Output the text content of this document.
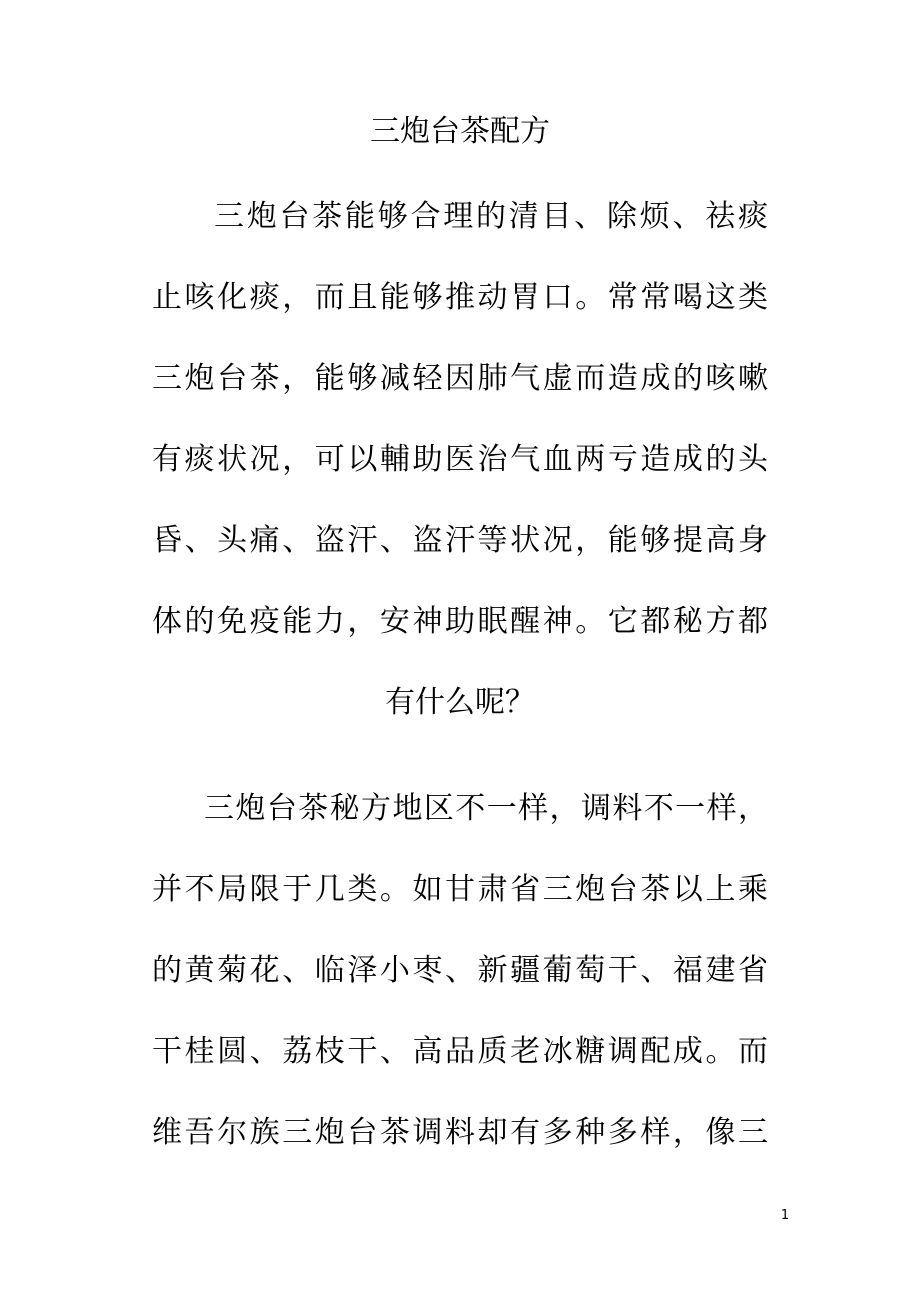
三炮台茶配方
三炮台茶能够合理的清目、除烦、祛痰
止咳化痰，而且能够推动胃口。常常喝这类
三炮台茶，能够减轻因肺气虚而造成的咳嗽
有痰状况，可以輔助医治气血两亏造成的头
昏、头痛、盗汗、盗汗等状况，能够提高身
体的免疫能力，安神助眠醒神。它都秘方都
有什么呢？
三炮台茶秘方地区不一样，调料不一样，
并不局限于几类。如甘肃省三炮台茶以上乘
的黄菊花、临泽小枣、新疆葡萄干、福建省
干桂圆、荔枝干、高品质老冰糖调配成。而
维吾尔族三炮台茶调料却有多种多样，像三
1
